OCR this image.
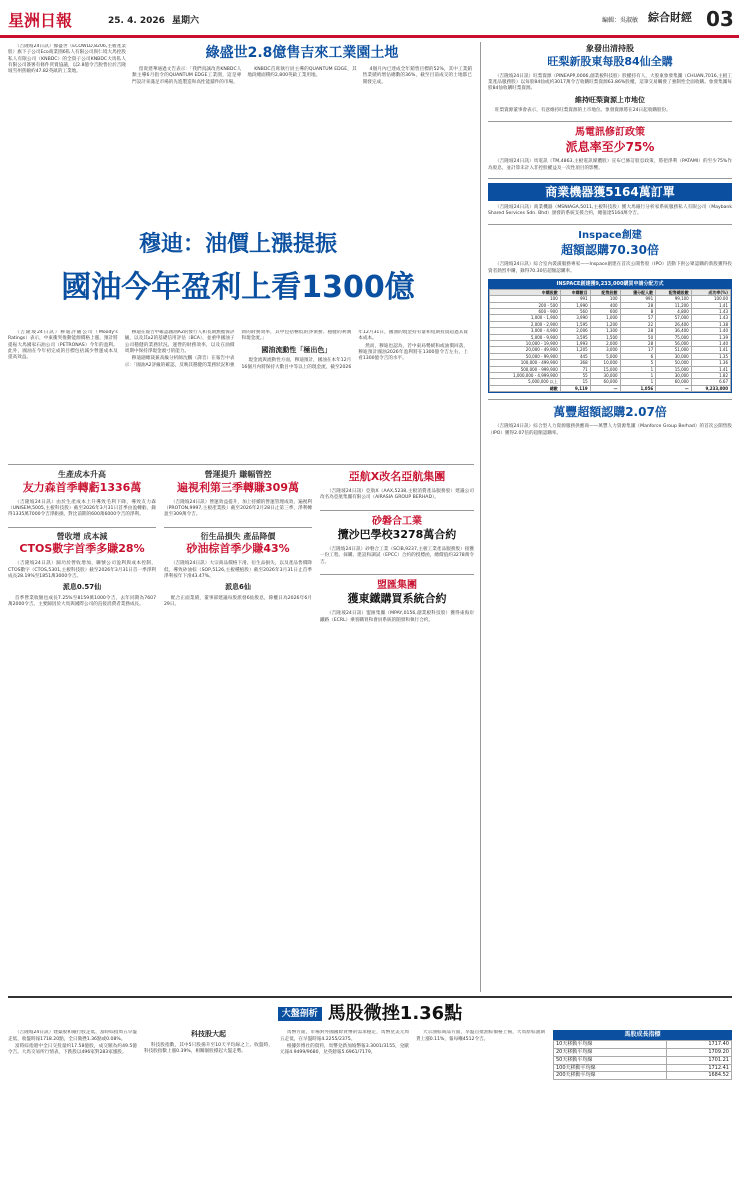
星洲日報	25. 4. 2026 星期六	編輯：吳淑敏 綜合財經 03

（吉隆坡24日訊）綠盛世（ECOWLD,8206,主板產業股）旗下子公司Eco商業園6私人有限公司與仁境大馬控股私人有限公司（KNBDC）的全資子公司KNBDC大馬私人有限公司簽署有條件買賣協議，以2.8億令吉脫售位於吉隆坡雪州蕉賴約47.82英畝的工業地。

綠盛世2.8億售吉來工業園土地

留貴建華通過文告表示：「我們真誠改善KNBDC人類主導6月指令的QUANTUM EDGE工業園，這是專門設計來滿足市場的先進製造和高性能鑄件的市場。

KNBDC首席執行員主導的QUANTUM EDGE，其地段總面積約2,800英畝工業用地。

4個月內已達成全年銷售目標的52%，其中工業銷售業績約增佔總數的36%，截至目前成交的土地都已開發完成。

穆迪：油價上漲提振
國油今年盈利上看1300億

（吉隆坡24日訊）穆迪評級公司（Moody's Ratings）表示，中東衝突推動能源價格上漲，預計將提振大馬國家石油公司（PETRONAS）今年的盈利。此外，國油在今年初完成的目標包括減少營運成本及提高效益。

穆迪在報告中確認國油A2的發行人和長期無擔保評級，以及其a2的基礎信用評估（BCA），並重申國油子公司穩健的業務狀況、運營的財務效率，以及在油價周期中保持淨現金頭寸的能力。

穆迪副總裁兼高級分析師沈鵬（譯音）在報告中表示：「國油A2評級的確認，反映其穩健的業務狀況和強勁的財務效率，其中包括極低的淨債務、穩健的利潤和現金流。」

國油流動性「極出色」

現金流與流動性方面，穆迪預計，國油在本年12月16個月內將保持大數目中等以上的現金流，截至2026年12月31日，國油的現金持有量和短期投資超過其資本成本。

然而，穆迪也認為，若中東局勢緩和或油價回落，穆迪預計國油2026年盈利將在1300億令吉左右，上看1300億令吉的水平。

象發出清持股
旺梨新股東每股84仙全購

（吉隆坡24日訊）旺梨資源（PINEAPP,0006,創業板科技股）股權持有人，大股東象發集團（CHUAN,7016,主板工業產品服務股）以每股84仙或約3017萬令吉收購旺梨資源63.86%股權，這筆交易觸發了強制性全面收購。象發集團每股84仙收購旺梨資源。

維持旺梨資源上市地位

旺梨資源董事會表示，有意維持旺梨資源的上市地位。象發資源將在24日起收購股份。

馬電訊修訂政策
派息率至少75%

（吉隆坡24日訊）馬電訊（TM,4863,主板電訊媒體股）宣布已修訂股息政策，將把淨利（PATAMI）的至少75%作為股息，並計算未計入非控股權益及一次性項目的影響。

商業機器獲5164萬訂單

（吉隆坡24日訊）商業機器（MSNIAGA,5011,主板科技股）獲大馬銀行分析家系統服務私人有限公司（Maybank Shared Services Sdn. Bhd）頒發的系統支援合約，總值達5164萬令吉。

Inspace創建
超額認購70.30倍

（吉隆坡24日訊）綜合室內裝潢服務專家——Inspace創建在首次公開售股（IPO）活動下供公眾認購的新股獲得投資者熱烈申購，錄得70.30倍超額認購率。

INSPACE創建獲9,233,000購買申請分配方式
申購股數	申購數目	配售股數	獲分配人數	配售總股數	成功率(%)
100	991	100	991	99,100	100.00
200 - 500	1,990	400	28	11,200	1.41
600 - 900	560	600	8	4,800	1.43
1,000 - 1,900	3,990	1,000	57	57,000	1.43
2,000 - 2,900	1,595	1,200	22	26,400	1.38
3,000 - 4,900	2,006	1,300	28	36,400	1.40
5,000 - 9,900	3,595	1,500	50	75,000	1.39
10,000 - 19,900	1,993	2,000	28	56,000	1.40
20,000 - 49,900	1,205	3,000	17	51,000	1.41
50,000 - 99,900	445	5,000	6	30,000	1.35
100,000 - 499,900	368	10,000	5	50,000	1.36
500,000 - 999,900	71	15,000	1	15,000	1.41
1,000,000 - 4,999,900	55	30,000	1	30,000	1.82
5,000,000 以上	15	60,000	1	60,000	6.67
總數	9,119	—	1,056	—	9,233,000
萬豐超額認購2.07倍

（吉隆坡24日訊）綜合型人力資源服務供應商——萬豐人力資源集團（Manforce Group Berhad）的首次公開售股（IPO）獲得2.07倍的超額認購率。

生產成本升高
友力森首季轉虧1336萬

（吉隆坡24日訊）由於生產成本上升導致毛利下降，導致友力森（UNISEM,5005,主板科技股）截至2026年3月31日首季由盈轉虧，錄得1335萬7000令吉淨虧損，對比前期的600萬6000令吉的淨利。

營收增 成本減
CTOS數字首季多賺28%

（吉隆坡24日訊）歸功於營收增加，聯號公司盈利與成本控制，CTOS數字（CTOS,5301,主板科技股）截至2026年3月31日首一季淨利成長28.19%至1851萬3000令吉。

派息0.57仙

首季營業收額也成長7.25%至8159萬1000令吉，去年同期為7607萬2000令吉。主要歸因於大馬與國際公司的直接消費者業務成長。

營運提升 賺幅管控
遍視利第三季轉賺309萬

（吉隆坡24日訊）營運效益提升，加上持續的營運管理成效，遍視利（PROTON,9997,主板產業股）截至2026年2月28日止第三季，淨利轉盈至309萬令吉。

衍生品損失 產品降價
砂油棕首季少賺43%

（吉隆坡24日訊）大宗商品價格下滑、衍生品損失，以及產品售價降低，導致砂油棕（SOP,5126,主板種植股）截至2026年3月31日止首季淨利按年下滑43.47%。

派息6仙

配合正面業績，董事部建議每股派發6仙股息，除權日為2026年6月29日。

亞航X改名亞航集團

（吉隆坡24日訊）亞航X（AAX,5238,主板消費產品服務股）建議公司改名為亞航集團有限公司（AIRASIA GROUP BERHAD）。

砂磐合工業
攬沙巴學校3278萬合約

（吉隆坡24日訊）砂磐合工業（SCIB,9237,主板工業產品服務股）接獲一份工程、採購、建設和調試（EPCC）合約的授標函，總價值約3278萬令吉。

盟匯集團
獲東鐵購買系統合約

（吉隆坡24日訊）盟匯集團（MPAY,0156,創業板科技股）獲得東海岸鐵路（ECRL）乘客購買和會員系統的開發和執行合約。

大盤剖析 馬股微挫1.36點

（吉隆坡24日訊）建築股和銀行股走低，富時綜指周五早盤走低，收盤時報1718.20點，全日微挫1.36點或0.08%。

富時綜指週中全日交投量約17.58億股，成交額為約49.5億令吉。大馬交易所行情表，下跌股以496家對283家漲股。

科技股大起

科技股指數，其中5只股揚升至10天平均線之上。收盤時，科技股指數上漲0.39%，相關個股撐起大盤走勢。

馬幣方面，市場對外國國際貨幣的需求穩定，馬幣兌美元周五走低，在早盤時報4.2255/2375。

根據彭博社的資料，馬幣兌新加坡幣報3.3001/3155，兌歐元報4.9499/9680，兌英鎊報5.6961/7179。

大宗油棕商品方面，早盤首批油棕價格上揚，大馬原棕油期貨上漲0.11%，報每噸4512令吉。

馬股成長指標
10天移動平均線	1717.40
20天移動平均線	1709.20
50天移動平均線	1701.21
100天移動平均線	1712.41
200天移動平均線	1684.52
